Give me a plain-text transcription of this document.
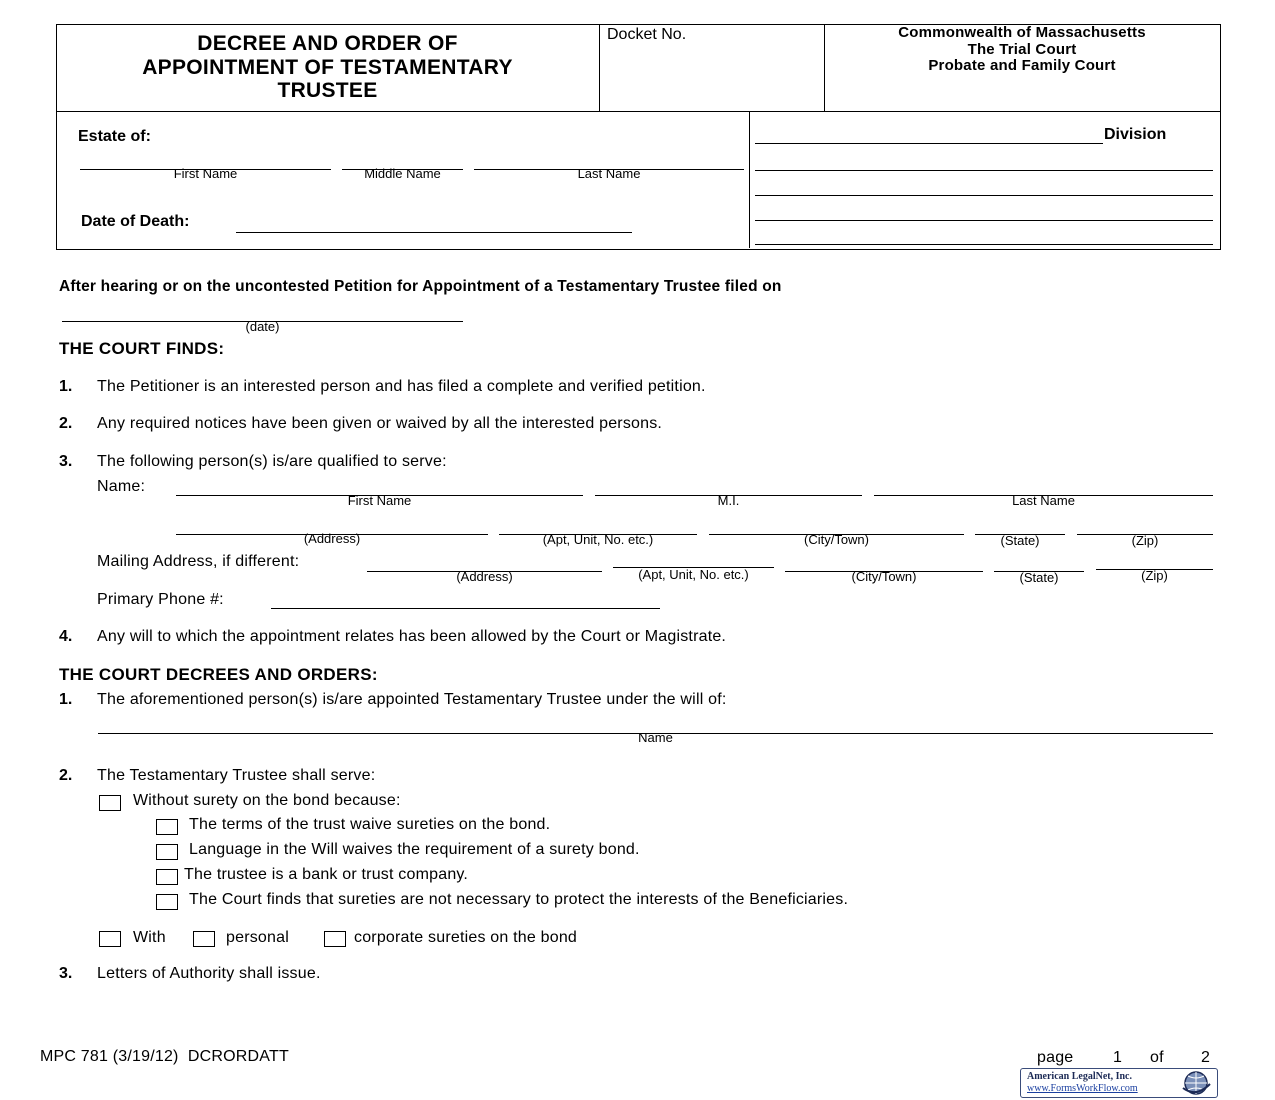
DECREE AND ORDER OF
APPOINTMENT OF TESTAMENTARY
TRUSTEE
Docket No.	Commonwealth of Massachusetts
The Trial Court
Probate and Family Court
Estate of:
First Name	Middle Name	Last Name
Date of Death:
Division
After hearing or on the uncontested Petition for Appointment of a Testamentary Trustee filed on
(date)
THE COURT FINDS:
1. The Petitioner is an interested person and has filed a complete and verified petition.
2. Any required notices have been given or waived by all the interested persons.
3. The following person(s) is/are qualified to serve:
Name:
First Name	M.I.	Last Name
(Address)	(Apt, Unit, No. etc.)	(City/Town)	(State)	(Zip)
Mailing Address, if different:
(Address)	(Apt, Unit, No. etc.)	(City/Town)	(State)	(Zip)
Primary Phone #:
4. Any will to which the appointment relates has been allowed by the Court or Magistrate.
THE COURT DECREES AND ORDERS:
1. The aforementioned person(s) is/are appointed Testamentary Trustee under the will of:
Name
2. The Testamentary Trustee shall serve:
Without surety on the bond because:
The terms of the trust waive sureties on the bond.
Language in the Will waives the requirement of a surety bond.
The trustee is a bank or trust company.
The Court finds that sureties are not necessary to protect the interests of the Beneficiaries.
With	personal	corporate sureties on the bond
3. Letters of Authority shall issue.
MPC 781 (3/19/12)  DCRORDATT	page 1 of 2
American LegalNet, Inc.
www.FormsWorkFlow.com
